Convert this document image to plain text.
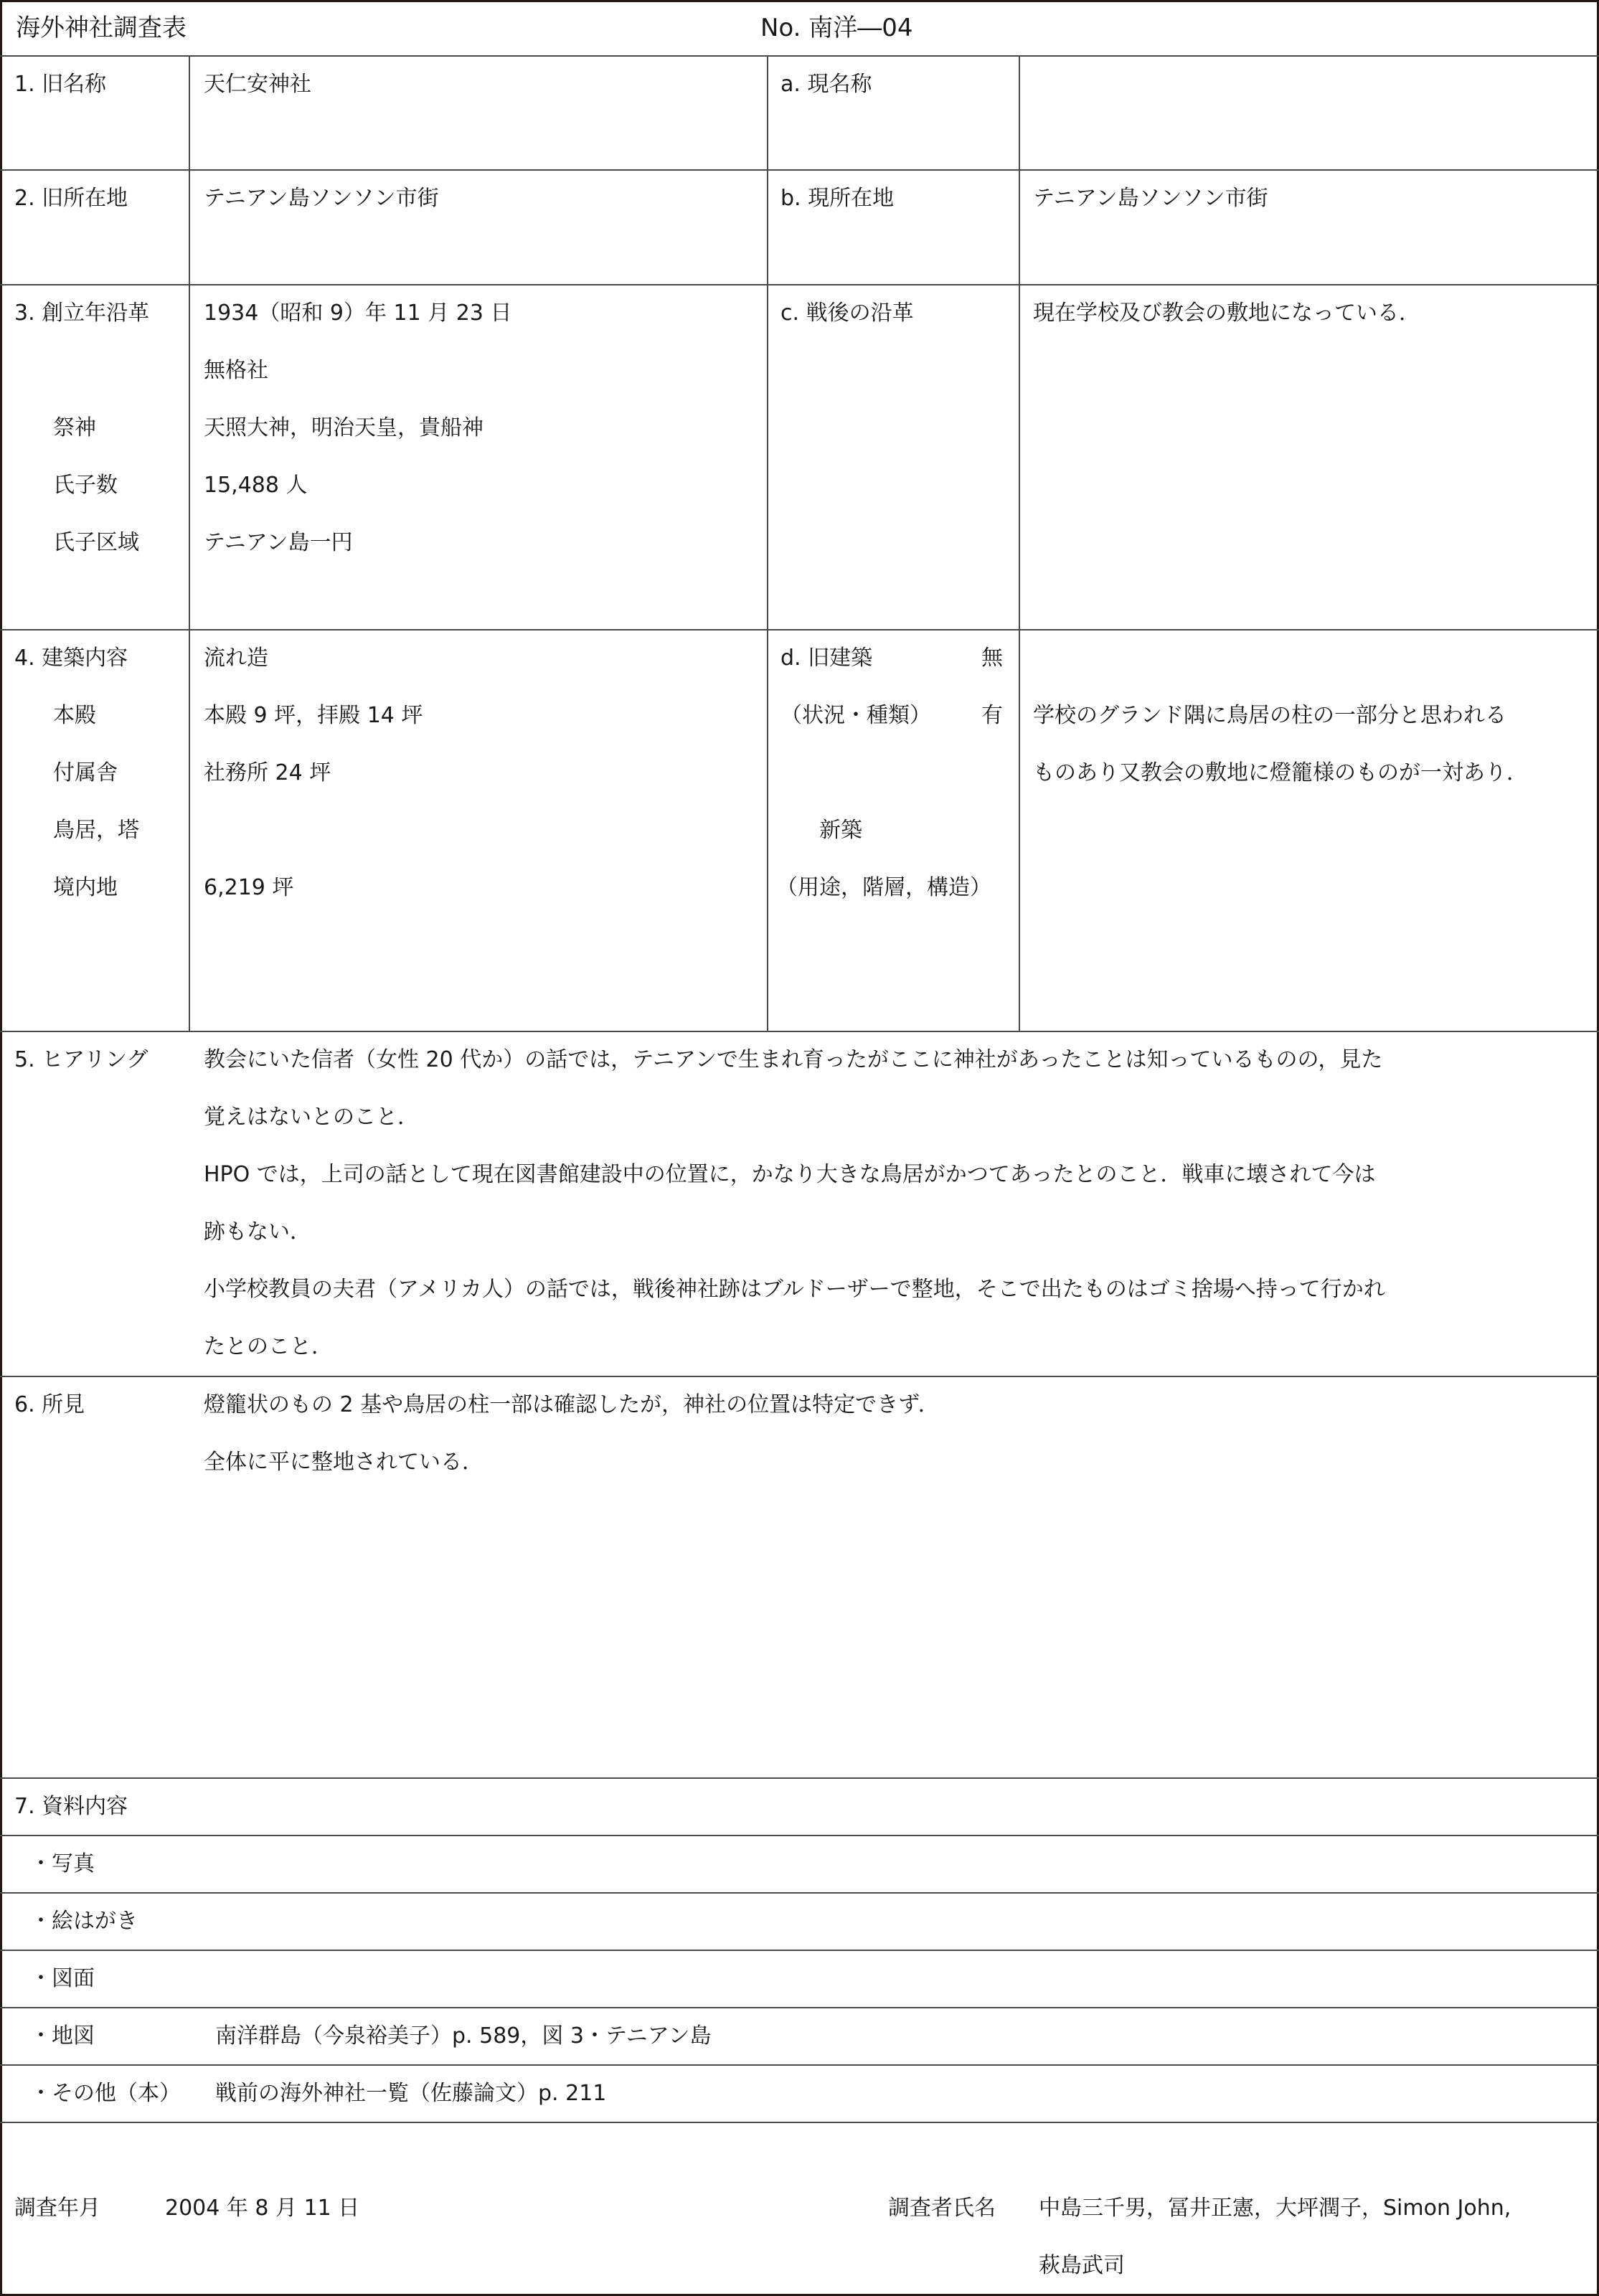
海外神社調査表	No. 南洋―04
1. 旧名称	天仁安神社	a. 現名称
2. 旧所在地	テニアン島ソンソン市街	b. 現所在地	テニアン島ソンソン市街
3. 創立年沿革	1934（昭和 9）年 11 月 23 日
無格社
祭神	天照大神，明治天皇，貴船神
氏子数	15,488 人
氏子区域	テニアン島一円
c. 戦後の沿革	現在学校及び教会の敷地になっている．
4. 建築内容	流れ造
本殿	本殿 9 坪，拝殿 14 坪
付属舎	社務所 24 坪
鳥居，塔
境内地	6,219 坪
d. 旧建築	無
（状況・種類） 有
新築
（用途，階層，構造）
学校のグランド隅に鳥居の柱の一部分と思われる
ものあり又教会の敷地に燈籠様のものが一対あり．
5. ヒアリング	教会にいた信者（女性 20 代か）の話では，テニアンで生まれ育ったがここに神社があったことは知っているものの，見た
覚えはないとのこと．
HPO では，上司の話として現在図書館建設中の位置に，かなり大きな鳥居がかつてあったとのこと．戦車に壊されて今は
跡もない．
小学校教員の夫君（アメリカ人）の話では，戦後神社跡はブルドーザーで整地，そこで出たものはゴミ捨場へ持って行かれ
たとのこと．
6. 所見	燈籠状のもの 2 基や鳥居の柱一部は確認したが，神社の位置は特定できず．
全体に平に整地されている．
7. 資料内容
・写真
・絵はがき
・図面
・地図	南洋群島（今泉裕美子）p. 589，図 3・テニアン島
・その他（本） 戦前の海外神社一覧（佐藤論文）p. 211
調査年月	2004 年 8 月 11 日	調査者氏名 中島三千男，冨井正憲，大坪潤子，Simon John,
萩島武司
